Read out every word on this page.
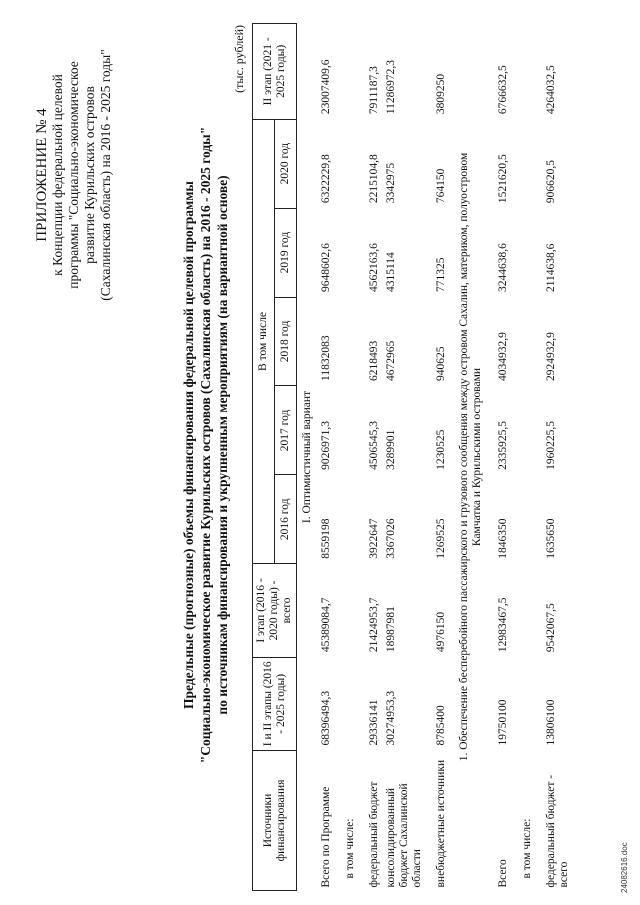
ПРИЛОЖЕНИЕ № 4 к Концепции федеральной целевой программы "Социально-экономическое развитие Курильских островов (Сахалинская область) на 2016 - 2025 годы"
Предельные (прогнозные) объемы финансирования федеральной целевой программы "Социально-экономическое развитие Курильских островов (Сахалинская область) на 2016 - 2025 годы" по источникам финансирования и укрупненным мероприятиям (на вариантной основе)
(тыс. рублей)
Источники финансирования	I и II этапы (2016 - 2025 годы)	I этап (2016 - 2020 годы) - всего	В том числе					II этап (2021 - 2025 годы)
			2016 год	2017 год	2018 год	2019 год	2020 год	
I. Оптимистичный вариант								
Всего по Программе	68396494,3	45389084,7	8559198	9026971,3	11832083	9648602,6	6322229,8	23007409,6
в том числе:								
федеральный бюджет	29336141	21424953,7	3922647	4506545,3	6218493	4562163,6	2215104,8	7911187,3
консолидированный бюджет Сахалинской области	30274953,3	18987981	3367026	3289901	4672965	4315114	3342975	11286972,3
внебюджетные источники	8785400	4976150	1269525	1230525	940625	771325	764150	3809250
1. Обеспечение бесперебойного пассажирского и грузового сообщения между островом Сахалин, материком, полуостровом Камчатка и Курильскими островами								
Всего	19750100	12983467,5	1846350	2335925,5	4034932,9	3244638,6	1521620,5	6766632,5
в том числе:								
федеральный бюджет - всего	13806100	9542067,5	1635650	1960225,5	2924932,9	2114638,6	906620,5	4264032,5
24082616.doc
